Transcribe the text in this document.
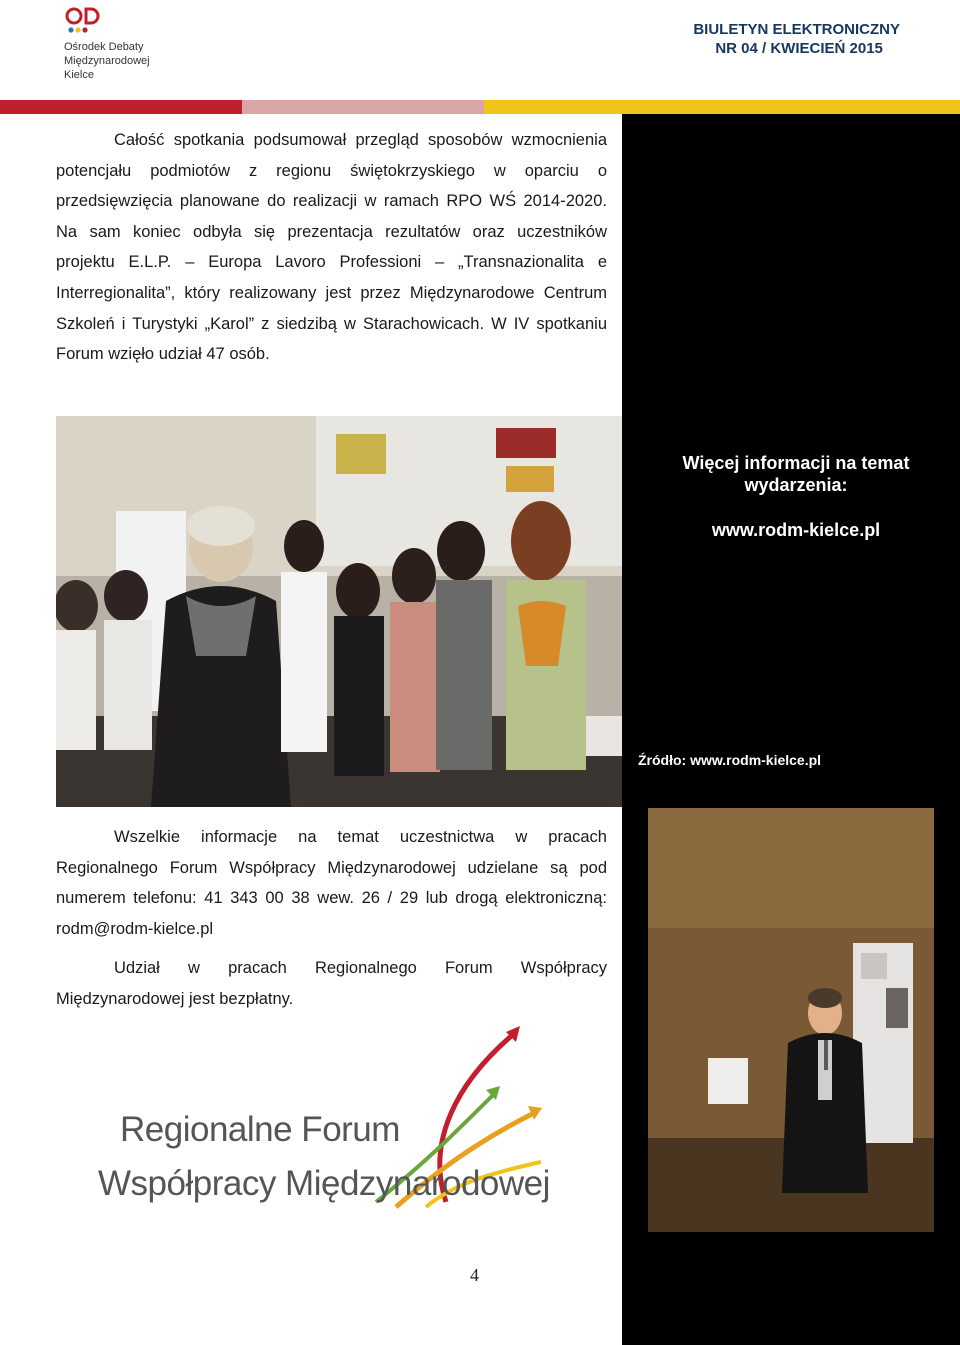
Ośrodek Debaty
Międzynarodowej
Kielce
BIULETYN ELEKTRONICZNY
NR 04 / KWIECIEŃ 2015
Więcej informacji na temat wydarzenia:
www.rodm-kielce.pl
Źródło: www.rodm-kielce.pl
Całość spotkania podsumował przegląd sposobów wzmocnienia potencjału podmiotów z regionu świętokrzyskiego w oparciu o przedsięwzięcia planowane do realizacji w ramach RPO WŚ 2014-2020. Na sam koniec odbyła się prezentacja rezultatów oraz uczestników projektu E.L.P. – Europa Lavoro Professioni – „Transnazionalita e Interregionalita”, który realizowany jest przez Międzynarodowe Centrum Szkoleń i Turystyki „Karol” z siedzibą w Starachowicach. W IV spotkaniu Forum wzięło udział 47 osób.
Wszelkie informacje na temat uczestnictwa w pracach Regionalnego Forum Współpracy Międzynarodowej udzielane są pod numerem telefonu: 41 343 00 38 wew. 26 / 29 lub drogą elektroniczną: rodm@rodm-kielce.pl
Udział w pracach Regionalnego Forum Współpracy Międzynarodowej jest bezpłatny.
Regionalne Forum
Współpracy Międzynarodowej
4
